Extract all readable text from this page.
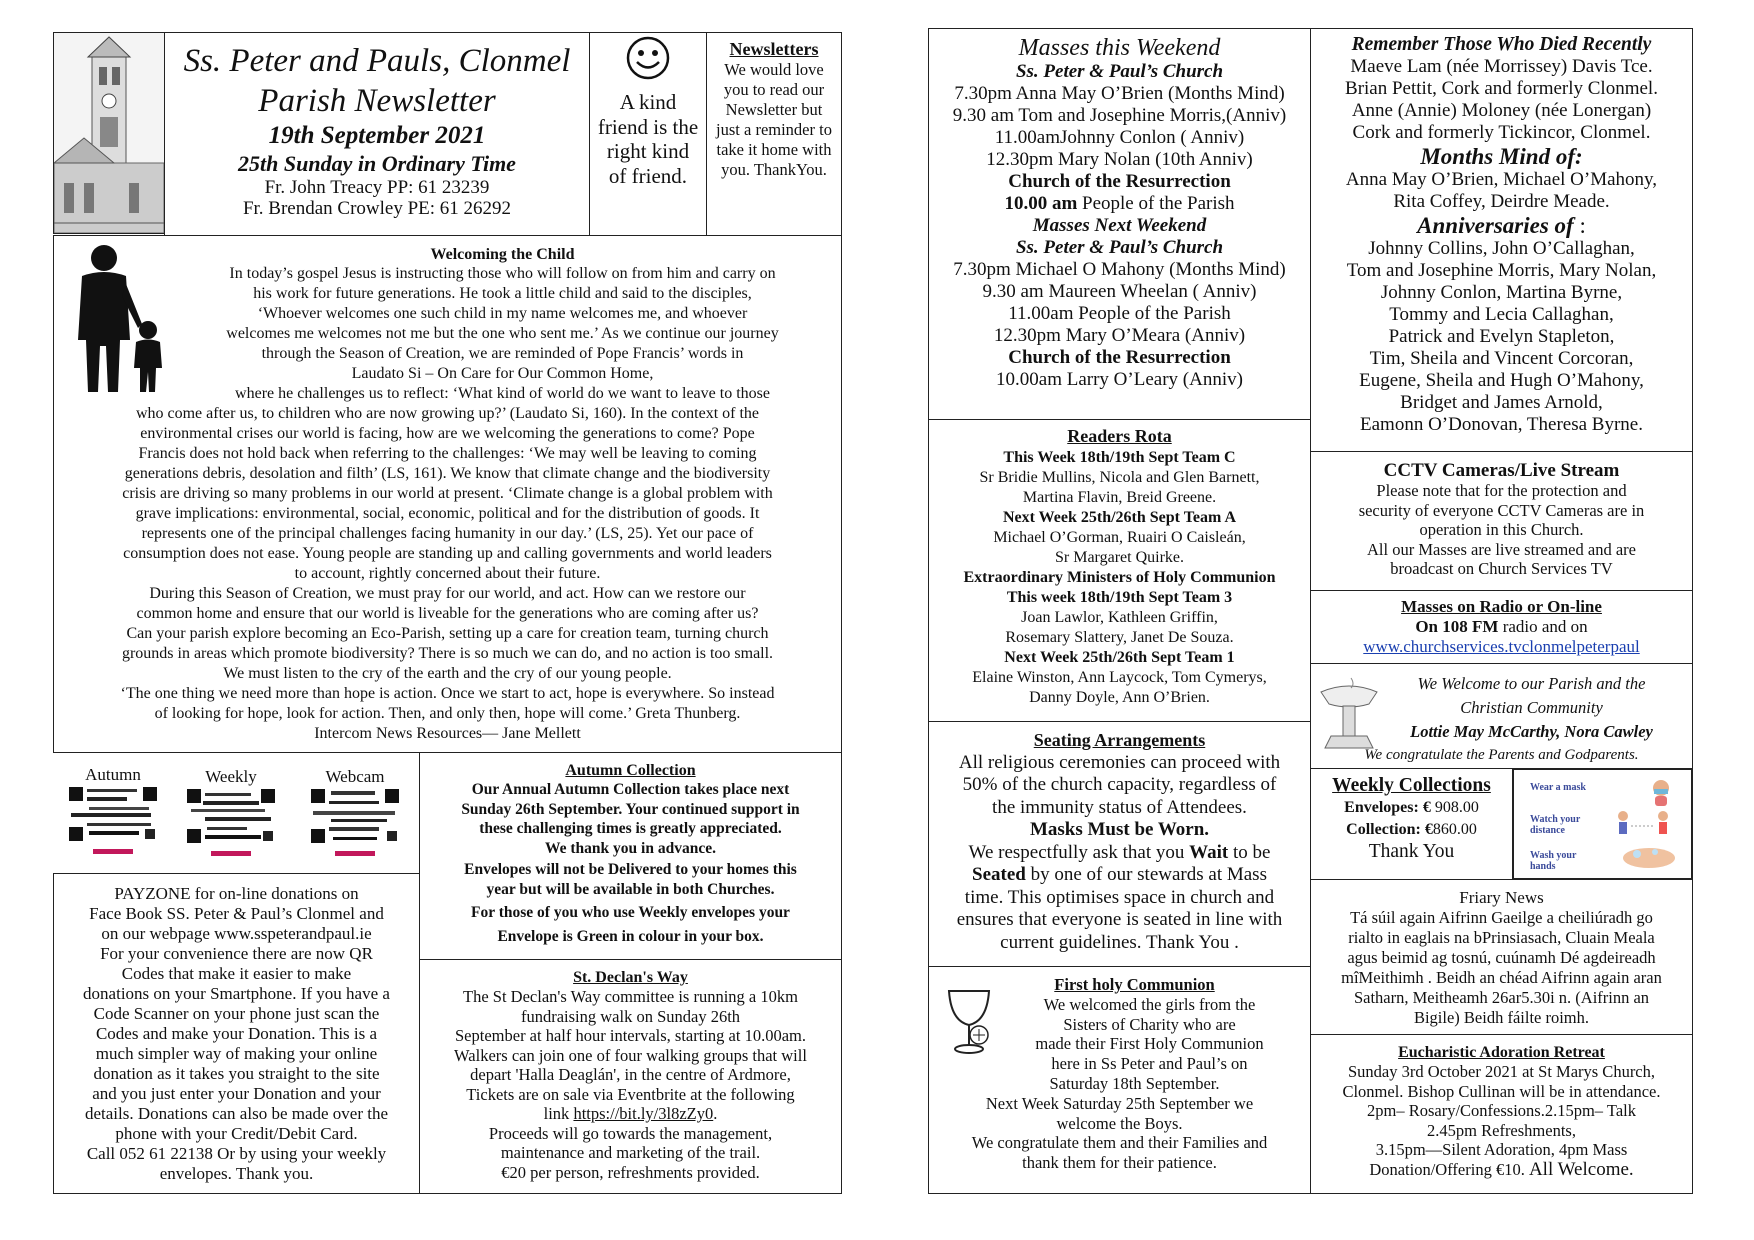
Ss. Peter and Pauls, Clonmel
Parish Newsletter
19th September 2021
25th Sunday in Ordinary Time
Fr. John Treacy PP: 61 23239
Fr. Brendan Crowley PE: 61 26292
A kind friend is the right kind of friend.
Newsletters
We would love you to read our Newsletter but just a reminder to take it home with you. ThankYou.
Welcoming the Child
In today’s gospel Jesus is instructing those who will follow on from him and carry on
his work for future generations. He took a little child and said to the disciples,
‘Whoever welcomes one such child in my name welcomes me, and whoever
welcomes me welcomes not me but the one who sent me.’ As we continue our journey
through the Season of Creation, we are reminded of Pope Francis’ words in
Laudato Si – On Care for Our Common Home,
where he challenges us to reflect: ‘What kind of world do we want to leave to those
who come after us, to children who are now growing up?’ (Laudato Si, 160). In the context of the
environmental crises our world is facing, how are we welcoming the generations to come? Pope
Francis does not hold back when referring to the challenges: ‘We may well be leaving to coming
generations debris, desolation and filth’ (LS, 161). We know that climate change and the biodiversity
crisis are driving so many problems in our world at present. ‘Climate change is a global problem with
grave implications: environmental, social, economic, political and for the distribution of goods. It
represents one of the principal challenges facing humanity in our day.’ (LS, 25). Yet our pace of
consumption does not ease. Young people are standing up and calling governments and world leaders
to account, rightly concerned about their future.
During this Season of Creation, we must pray for our world, and act. How can we restore our
common home and ensure that our world is liveable for the generations who are coming after us?
Can your parish explore becoming an Eco-Parish, setting up a care for creation team, turning church
grounds in areas which promote biodiversity? There is so much we can do, and no action is too small.
We must listen to the cry of the earth and the cry of our young people.
‘The one thing we need more than hope is action. Once we start to act, hope is everywhere. So instead
of looking for hope, look for action. Then, and only then, hope will come.’ Greta Thunberg.
Intercom News Resources— Jane Mellett
Autumn	Weekly	Webcam
PAYZONE for on-line donations on
Face Book SS. Peter & Paul’s Clonmel and
on our webpage www.sspeterandpaul.ie
For your convenience there are now QR
Codes that make it easier to make
donations on your Smartphone. If you have a
Code Scanner on your phone just scan the
Codes and make your Donation. This is a
much simpler way of making your online
donation as it takes you straight to the site
and you just enter your Donation and your
details. Donations can also be made over the
phone with your Credit/Debit Card.
Call 052 61 22138 Or by using your weekly
envelopes. Thank you.
Autumn Collection
Our Annual Autumn Collection takes place next
Sunday 26th September. Your continued support in
these challenging times is greatly appreciated.
We thank you in advance.
Envelopes will not be Delivered to your homes this
year but will be available in both Churches.
For those of you who use Weekly envelopes your
Envelope is Green in colour in your box.
St. Declan's Way
The St Declan's Way committee is running a 10km
fundraising walk on Sunday 26th
September at half hour intervals, starting at 10.00am.
Walkers can join one of four walking groups that will
depart 'Halla Deaglán', in the centre of Ardmore,
Tickets are on sale via Eventbrite at the following
link https://bit.ly/3l8zZy0.
Proceeds will go towards the management,
maintenance and marketing of the trail.
€20 per person, refreshments provided.
Masses this Weekend
Ss. Peter & Paul’s Church
7.30pm Anna May O’Brien (Months Mind)
9.30 am Tom and Josephine Morris,(Anniv)
11.00amJohnny Conlon ( Anniv)
12.30pm Mary Nolan (10th Anniv)
Church of the Resurrection
10.00 am People of the Parish
Masses Next Weekend
Ss. Peter & Paul’s Church
7.30pm Michael O Mahony (Months Mind)
9.30 am Maureen Wheelan ( Anniv)
11.00am People of the Parish
12.30pm Mary O’Meara (Anniv)
Church of the Resurrection
10.00am Larry O’Leary (Anniv)
Readers Rota
This Week 18th/19th Sept Team C
Sr Bridie Mullins, Nicola and Glen Barnett,
Martina Flavin, Breid Greene.
Next Week 25th/26th Sept Team A
Michael O’Gorman, Ruairi O Caisleán,
Sr Margaret Quirke.
Extraordinary Ministers of Holy Communion
This week 18th/19th Sept Team 3
Joan Lawlor, Kathleen Griffin,
Rosemary Slattery, Janet De Souza.
Next Week 25th/26th Sept Team 1
Elaine Winston, Ann Laycock, Tom Cymerys,
Danny Doyle, Ann O’Brien.
Seating Arrangements
All religious ceremonies can proceed with
50% of the church capacity, regardless of
the immunity status of Attendees.
Masks Must be Worn.
We respectfully ask that you Wait to be
Seated by one of our stewards at Mass
time. This optimises space in church and
ensures that everyone is seated in line with
current guidelines. Thank You .
First holy Communion
We welcomed the girls from the
Sisters of Charity who are
made their First Holy Communion
here in Ss Peter and Paul’s on
Saturday 18th September.
Next Week Saturday 25th September we
welcome the Boys.
We congratulate them and their Families and
thank them for their patience.
Remember Those Who Died Recently
Maeve Lam (née Morrissey) Davis Tce.
Brian Pettit, Cork and formerly Clonmel.
Anne (Annie) Moloney (née Lonergan)
Cork and formerly Tickincor, Clonmel.
Months Mind of:
Anna May O’Brien, Michael O’Mahony,
Rita Coffey, Deirdre Meade.
Anniversaries of :
Johnny Collins, John O’Callaghan,
Tom and Josephine Morris, Mary Nolan,
Johnny Conlon, Martina Byrne,
Tommy and Lecia Callaghan,
Patrick and Evelyn Stapleton,
Tim, Sheila and Vincent Corcoran,
Eugene, Sheila and Hugh O’Mahony,
Bridget and James Arnold,
Eamonn O’Donovan, Theresa Byrne.
CCTV Cameras/Live Stream
Please note that for the protection and
security of everyone CCTV Cameras are in
operation in this Church.
All our Masses are live streamed and are
broadcast on Church Services TV
Masses on Radio or On-line
On 108 FM radio and on
www.churchservices.tvclonmelpeterpaul
We Welcome to our Parish and the
Christian Community
Lottie May McCarthy, Nora Cawley
We congratulate the Parents and Godparents.
Weekly Collections
Envelopes: € 908.00
Collection: €860.00
Thank You
Wear a mask
Watch your distance
Wash your hands
Friary News
Tá súil again Aifrinn Gaeilge a cheiliúradh go
rialto in eaglais na bPrinsiasach, Cluain Meala
agus beimid ag tosnú, cuúnamh Dé agdeireadh
mîMeithimh . Beidh an chéad Aifrinn again aran
Satharn, Meitheamh 26ar5.30i n. (Aifrinn an
Bigile) Beidh fáilte roimh.
Eucharistic Adoration Retreat
Sunday 3rd October 2021 at St Marys Church,
Clonmel. Bishop Cullinan will be in attendance.
2pm– Rosary/Confessions.2.15pm– Talk
2.45pm Refreshments,
3.15pm—Silent Adoration, 4pm Mass
Donation/Offering €10. All Welcome.
